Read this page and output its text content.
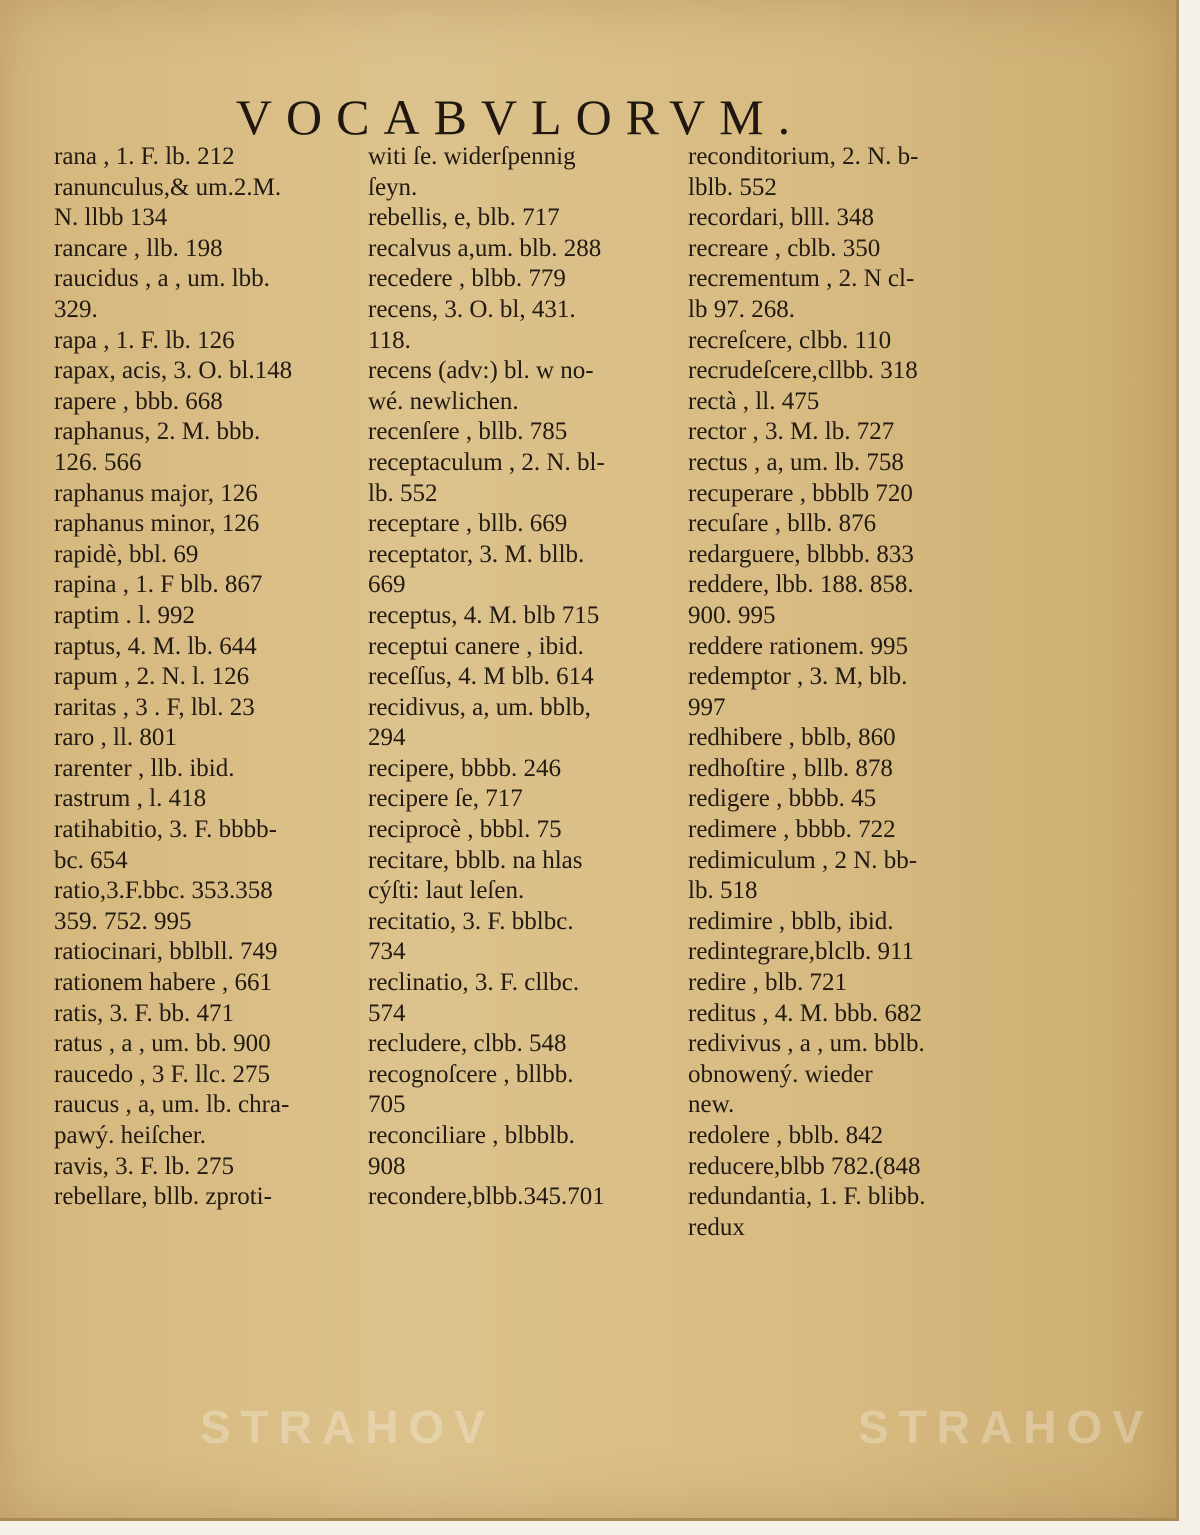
VOCABVLORVM.
rana , 1. F. lb. 212
ranunculus,& um.2.M.
N. llbb 134
rancare , llb. 198
raucidus , a , um. lbb.
329.
rapa , 1. F. lb. 126
rapax, acis, 3. O. bl.148
rapere , bbb. 668
raphanus, 2. M. bbb.
126. 566
raphanus major, 126
raphanus minor, 126
rapidè, bbl. 69
rapina , 1. F blb. 867
raptim . l. 992
raptus, 4. M. lb. 644
rapum , 2. N. l. 126
raritas , 3 . F, lbl. 23
raro , ll. 801
rarenter , llb. ibid.
rastrum , l. 418
ratihabitio, 3. F. bbbb-
bc. 654
ratio,3.F.bbc. 353.358
359. 752. 995
ratiocinari, bblbll. 749
rationem habere , 661
ratis, 3. F. bb. 471
ratus , a , um. bb. 900
raucedo , 3 F. llc. 275
raucus , a, um. lb. chra-
pawý. heiſcher.
ravis, 3. F. lb. 275
rebellare, bllb. zproti-
witi ſe. widerſpennig
ſeyn.
rebellis, e, blb. 717
recalvus a,um. blb. 288
recedere , blbb. 779
recens, 3. O. bl, 431.
118.
recens (adv:) bl. w no-
wé. newlichen.
recenſere , bllb. 785
receptaculum , 2. N. bl-
lb. 552
receptare , bllb. 669
receptator, 3. M. bllb.
669
receptus, 4. M. blb 715
receptui canere , ibid.
receſſus, 4. M blb. 614
recidivus, a, um. bblb,
294
recipere, bbbb. 246
recipere ſe, 717
reciprocè , bbbl. 75
recitare, bblb. na hlas
cýſti: laut leſen.
recitatio, 3. F. bblbc.
734
reclinatio, 3. F. cllbc.
574
recludere, clbb. 548
recognoſcere , bllbb.
705
reconciliare , blbblb.
908
recondere,blbb.345.701
reconditorium, 2. N. b-
lblb. 552
recordari, blll. 348
recreare , cblb. 350
recrementum , 2. N cl-
lb 97. 268.
recreſcere, clbb. 110
recrudeſcere,cllbb. 318
rectà , ll. 475
rector , 3. M. lb. 727
rectus , a, um. lb. 758
recuperare , bbblb 720
recuſare , bllb. 876
redarguere, blbbb. 833
reddere, lbb. 188. 858.
900. 995
reddere rationem. 995
redemptor , 3. M, blb.
997
redhibere , bblb, 860
redhoſtire , bllb. 878
redigere , bbbb. 45
redimere , bbbb. 722
redimiculum , 2 N. bb-
lb. 518
redimire , bblb, ibid.
redintegrare,blclb. 911
redire , blb. 721
reditus , 4. M. bbb. 682
redivivus , a , um. bblb.
obnowený. wieder
new.
redolere , bblb. 842
reducere,blbb 782.(848
redundantia, 1. F. blibb.
redux
STRAHOV	STRAHOV
